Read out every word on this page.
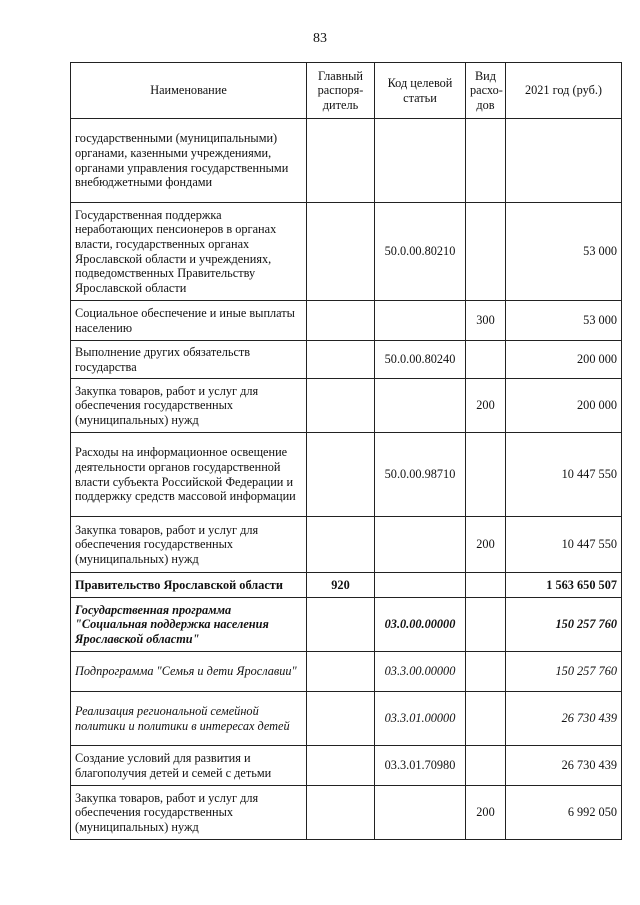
83
Наименование	Главный распоря-дитель	Код целевой статьи	Вид расхо-дов	2021 год (руб.)
государственными (муниципальными) органами, казенными учреждениями, органами управления государственными внебюджетными фондами				
Государственная поддержка неработающих пенсионеров в органах власти, государственных органах Ярославской области и учреждениях, подведомственных Правительству Ярославской области		50.0.00.80210		53 000
Социальное обеспечение и иные выплаты населению			300	53 000
Выполнение других обязательств государства		50.0.00.80240		200 000
Закупка товаров, работ и услуг для обеспечения государственных (муниципальных) нужд			200	200 000
Расходы на информационное освещение деятельности органов государственной власти субъекта Российской Федерации и поддержку средств массовой информации		50.0.00.98710		10 447 550
Закупка товаров, работ и услуг для обеспечения государственных (муниципальных) нужд			200	10 447 550
Правительство Ярославской области	920			1 563 650 507
Государственная программа "Социальная поддержка населения Ярославской области"		03.0.00.00000		150 257 760
Подпрограмма "Семья и дети Ярославии"		03.3.00.00000		150 257 760
Реализация региональной семейной политики и политики в интересах детей		03.3.01.00000		26 730 439
Создание условий для развития и благополучия детей и семей с детьми		03.3.01.70980		26 730 439
Закупка товаров, работ и услуг для обеспечения государственных (муниципальных) нужд			200	6 992 050
